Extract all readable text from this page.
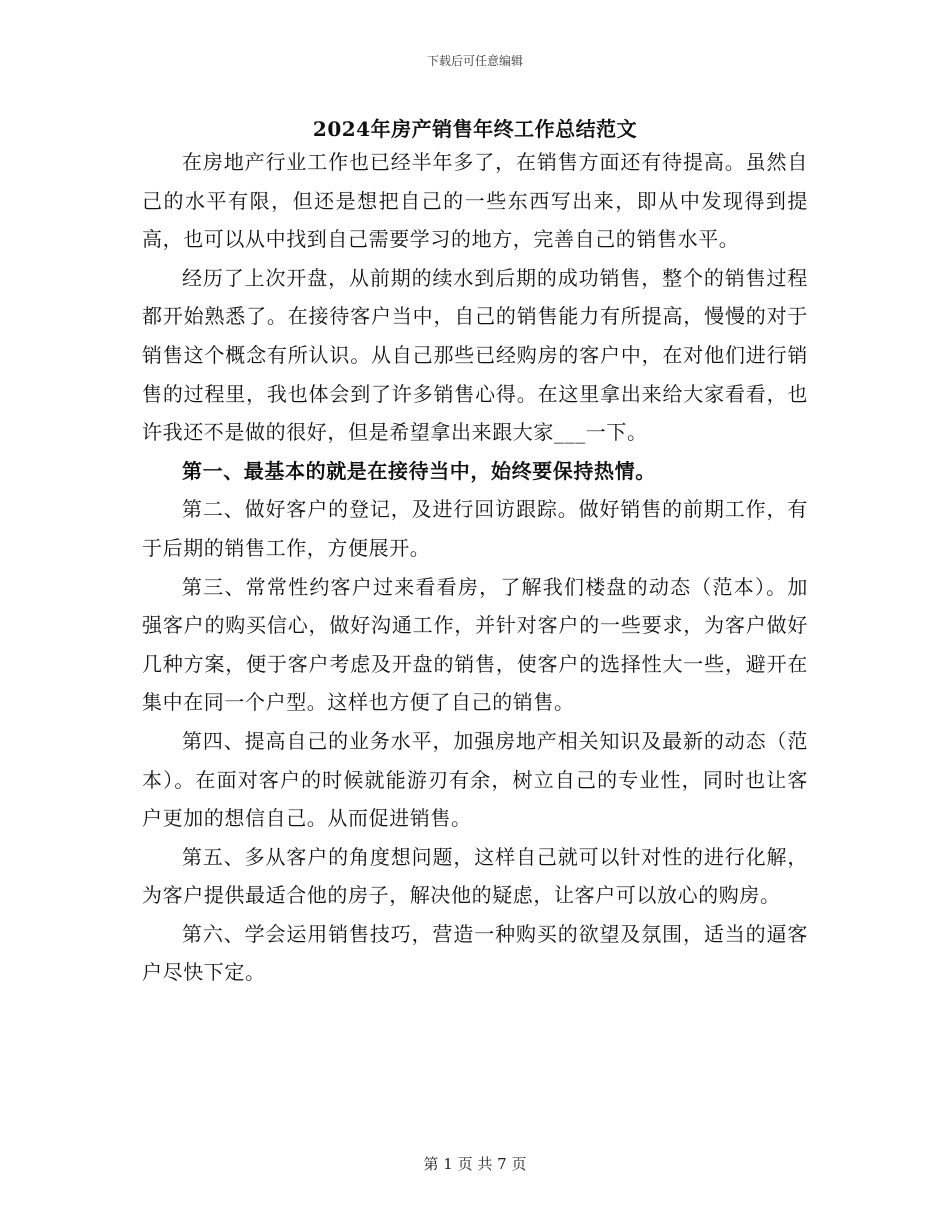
下载后可任意编辑
2024年房产销售年终工作总结范文

在房地产行业工作也已经半年多了，在销售方面还有待提高。虽然自己的水平有限，但还是想把自己的一些东西写出来，即从中发现得到提高，也可以从中找到自己需要学习的地方，完善自己的销售水平。

经历了上次开盘，从前期的续水到后期的成功销售，整个的销售过程都开始熟悉了。在接待客户当中，自己的销售能力有所提高，慢慢的对于销售这个概念有所认识。从自己那些已经购房的客户中，在对他们进行销售的过程里，我也体会到了许多销售心得。在这里拿出来给大家看看，也许我还不是做的很好，但是希望拿出来跟大家___一下。

第一、最基本的就是在接待当中，始终要保持热情。

第二、做好客户的登记，及进行回访跟踪。做好销售的前期工作，有于后期的销售工作，方便展开。

第三、常常性约客户过来看看房，了解我们楼盘的动态（范本）。加强客户的购买信心，做好沟通工作，并针对客户的一些要求，为客户做好几种方案，便于客户考虑及开盘的销售，使客户的选择性大一些，避开在集中在同一个户型。这样也方便了自己的销售。

第四、提高自己的业务水平，加强房地产相关知识及最新的动态（范本）。在面对客户的时候就能游刃有余，树立自己的专业性，同时也让客户更加的想信自己。从而促进销售。

第五、多从客户的角度想问题，这样自己就可以针对性的进行化解，为客户提供最适合他的房子，解决他的疑虑，让客户可以放心的购房。

第六、学会运用销售技巧，营造一种购买的欲望及氛围，适当的逼客户尽快下定。

第 1 页 共 7 页
